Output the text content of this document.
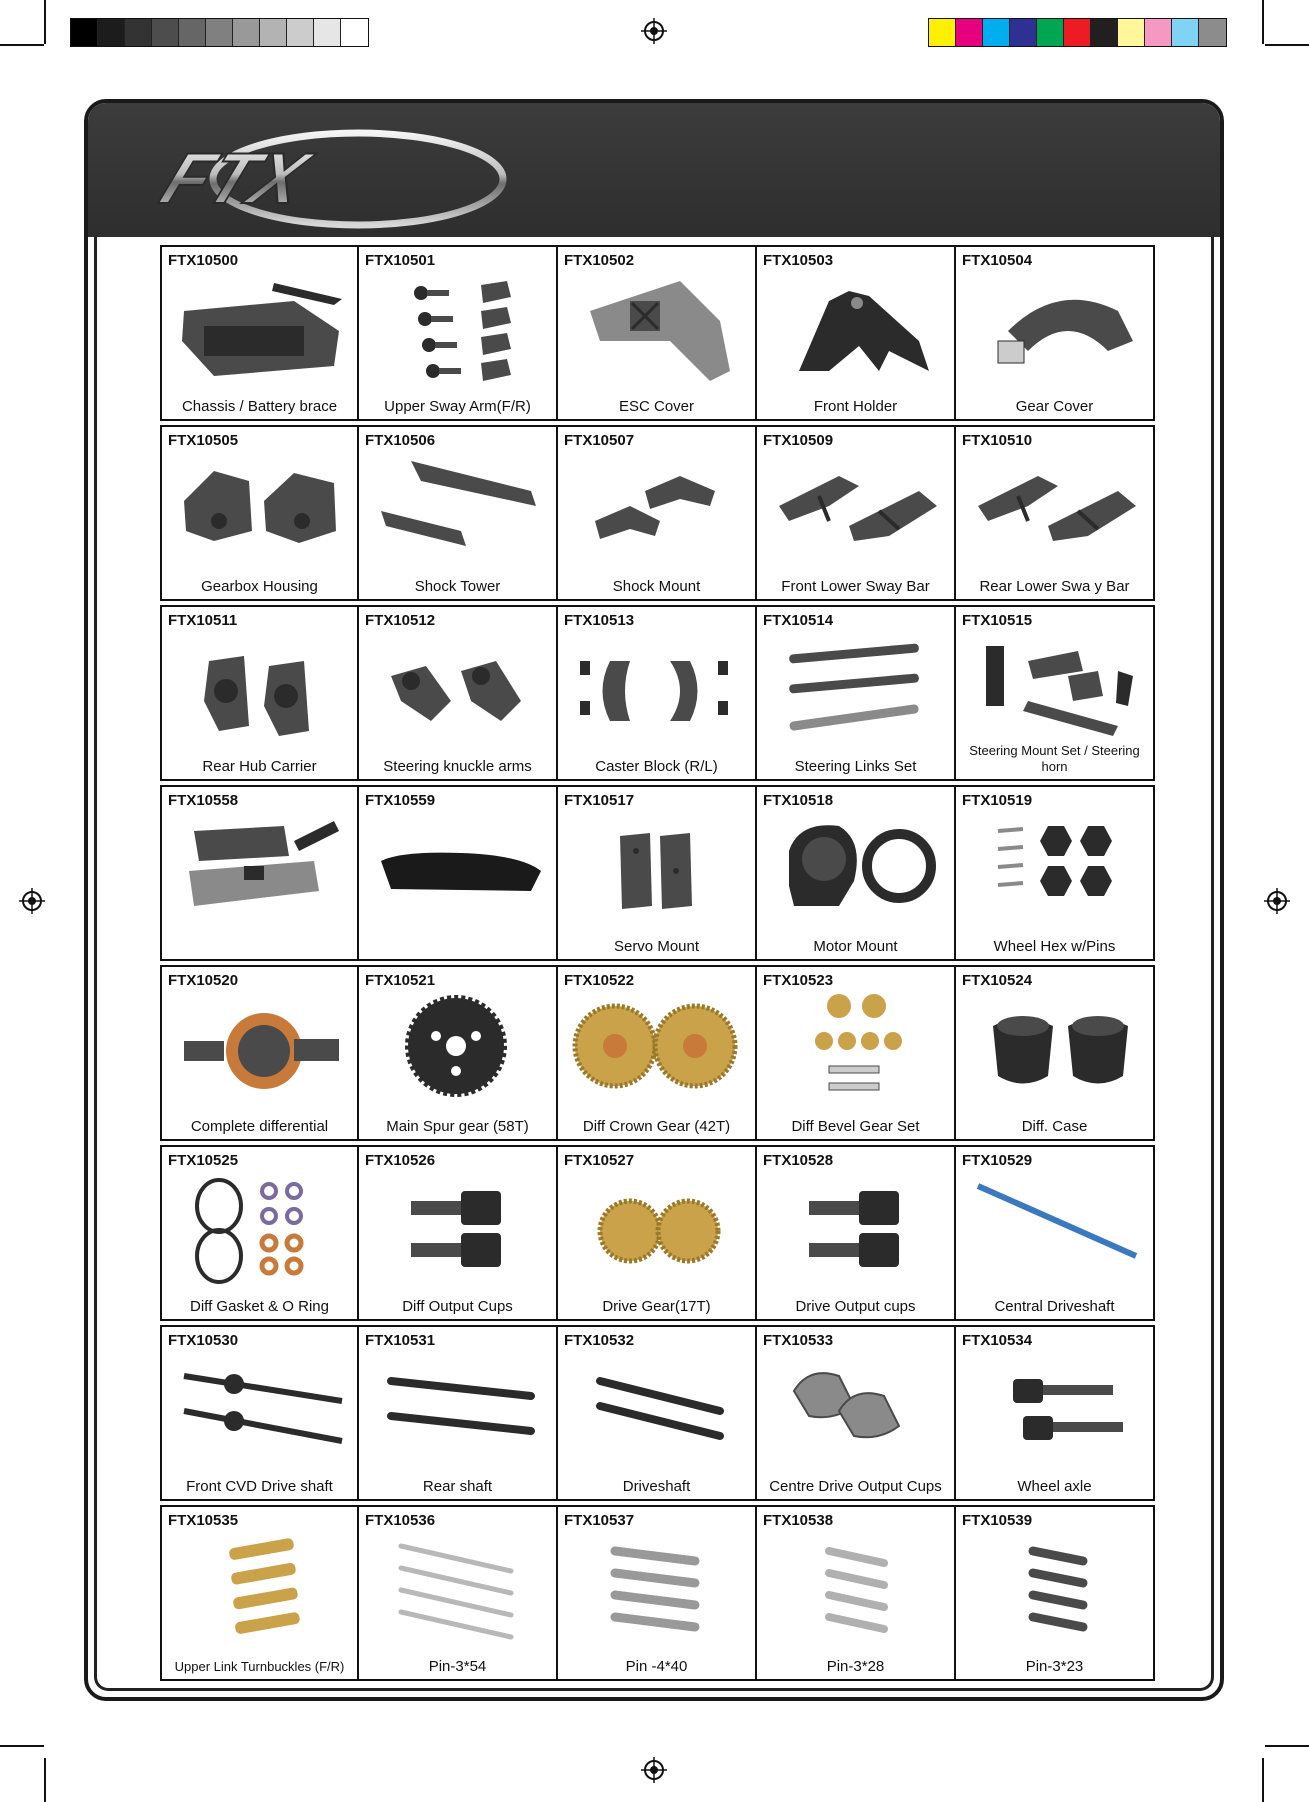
FTX
FTX10500
Chassis / Battery brace
FTX10501
Upper Sway Arm(F/R)
FTX10502
ESC Cover
FTX10503
Front Holder
FTX10504
Gear Cover
FTX10505
Gearbox Housing
FTX10506
Shock Tower
FTX10507
Shock Mount
FTX10509
Front Lower Sway Bar
FTX10510
Rear Lower Swa y Bar
FTX10511
Rear Hub Carrier
FTX10512
Steering knuckle arms
FTX10513
Caster Block (R/L)
FTX10514
Steering Links Set
FTX10515
Steering Mount Set / Steering horn
FTX10558	FTX10559	FTX10517
Servo Mount
FTX10518
Motor Mount
FTX10519
Wheel Hex w/Pins
FTX10520
Complete differential
FTX10521
Main Spur gear (58T)
FTX10522
Diff Crown Gear (42T)
FTX10523
Diff Bevel Gear Set
FTX10524
Diff. Case
FTX10525
Diff Gasket & O Ring
FTX10526
Diff Output Cups
FTX10527
Drive Gear(17T)
FTX10528
Drive Output cups
FTX10529
Central Driveshaft
FTX10530
Front CVD Drive shaft
FTX10531
Rear shaft
FTX10532
Driveshaft
FTX10533
Centre Drive Output Cups
FTX10534
Wheel axle
FTX10535
Upper Link Turnbuckles (F/R)
FTX10536
Pin-3*54
FTX10537
Pin -4*40
FTX10538
Pin-3*28
FTX10539
Pin-3*23
